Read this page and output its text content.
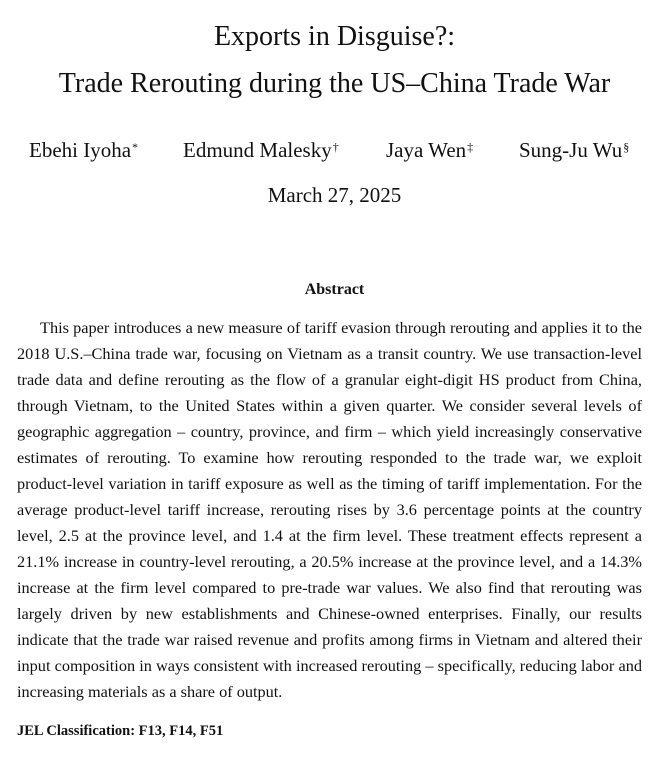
Exports in Disguise?:
Trade Rerouting during the US–China Trade War
Ebehi Iyoha* Edmund Malesky† Jaya Wen‡ Sung-Ju Wu§
March 27, 2025
Abstract

This paper introduces a new measure of tariff evasion through rerouting and applies it to the 2018 U.S.–China trade war, focusing on Vietnam as a transit country. We use transaction-level trade data and define rerouting as the flow of a granular eight-digit HS product from China, through Vietnam, to the United States within a given quarter. We consider several levels of geographic aggregation – country, province, and firm – which yield increasingly conservative estimates of rerouting. To examine how rerouting responded to the trade war, we exploit product-level variation in tariff exposure as well as the timing of tariff implementation. For the average product-level tariff increase, rerouting rises by 3.6 percentage points at the country level, 2.5 at the province level, and 1.4 at the firm level. These treatment effects represent a 21.1% increase in country-level rerouting, a 20.5% increase at the province level, and a 14.3% increase at the firm level compared to pre-trade war values. We also find that rerouting was largely driven by new establishments and Chinese-owned enterprises. Finally, our results indicate that the trade war raised revenue and profits among firms in Vietnam and altered their input composition in ways consistent with increased rerouting – specifically, reducing labor and increasing materials as a share of output.

JEL Classification: F13, F14, F51
